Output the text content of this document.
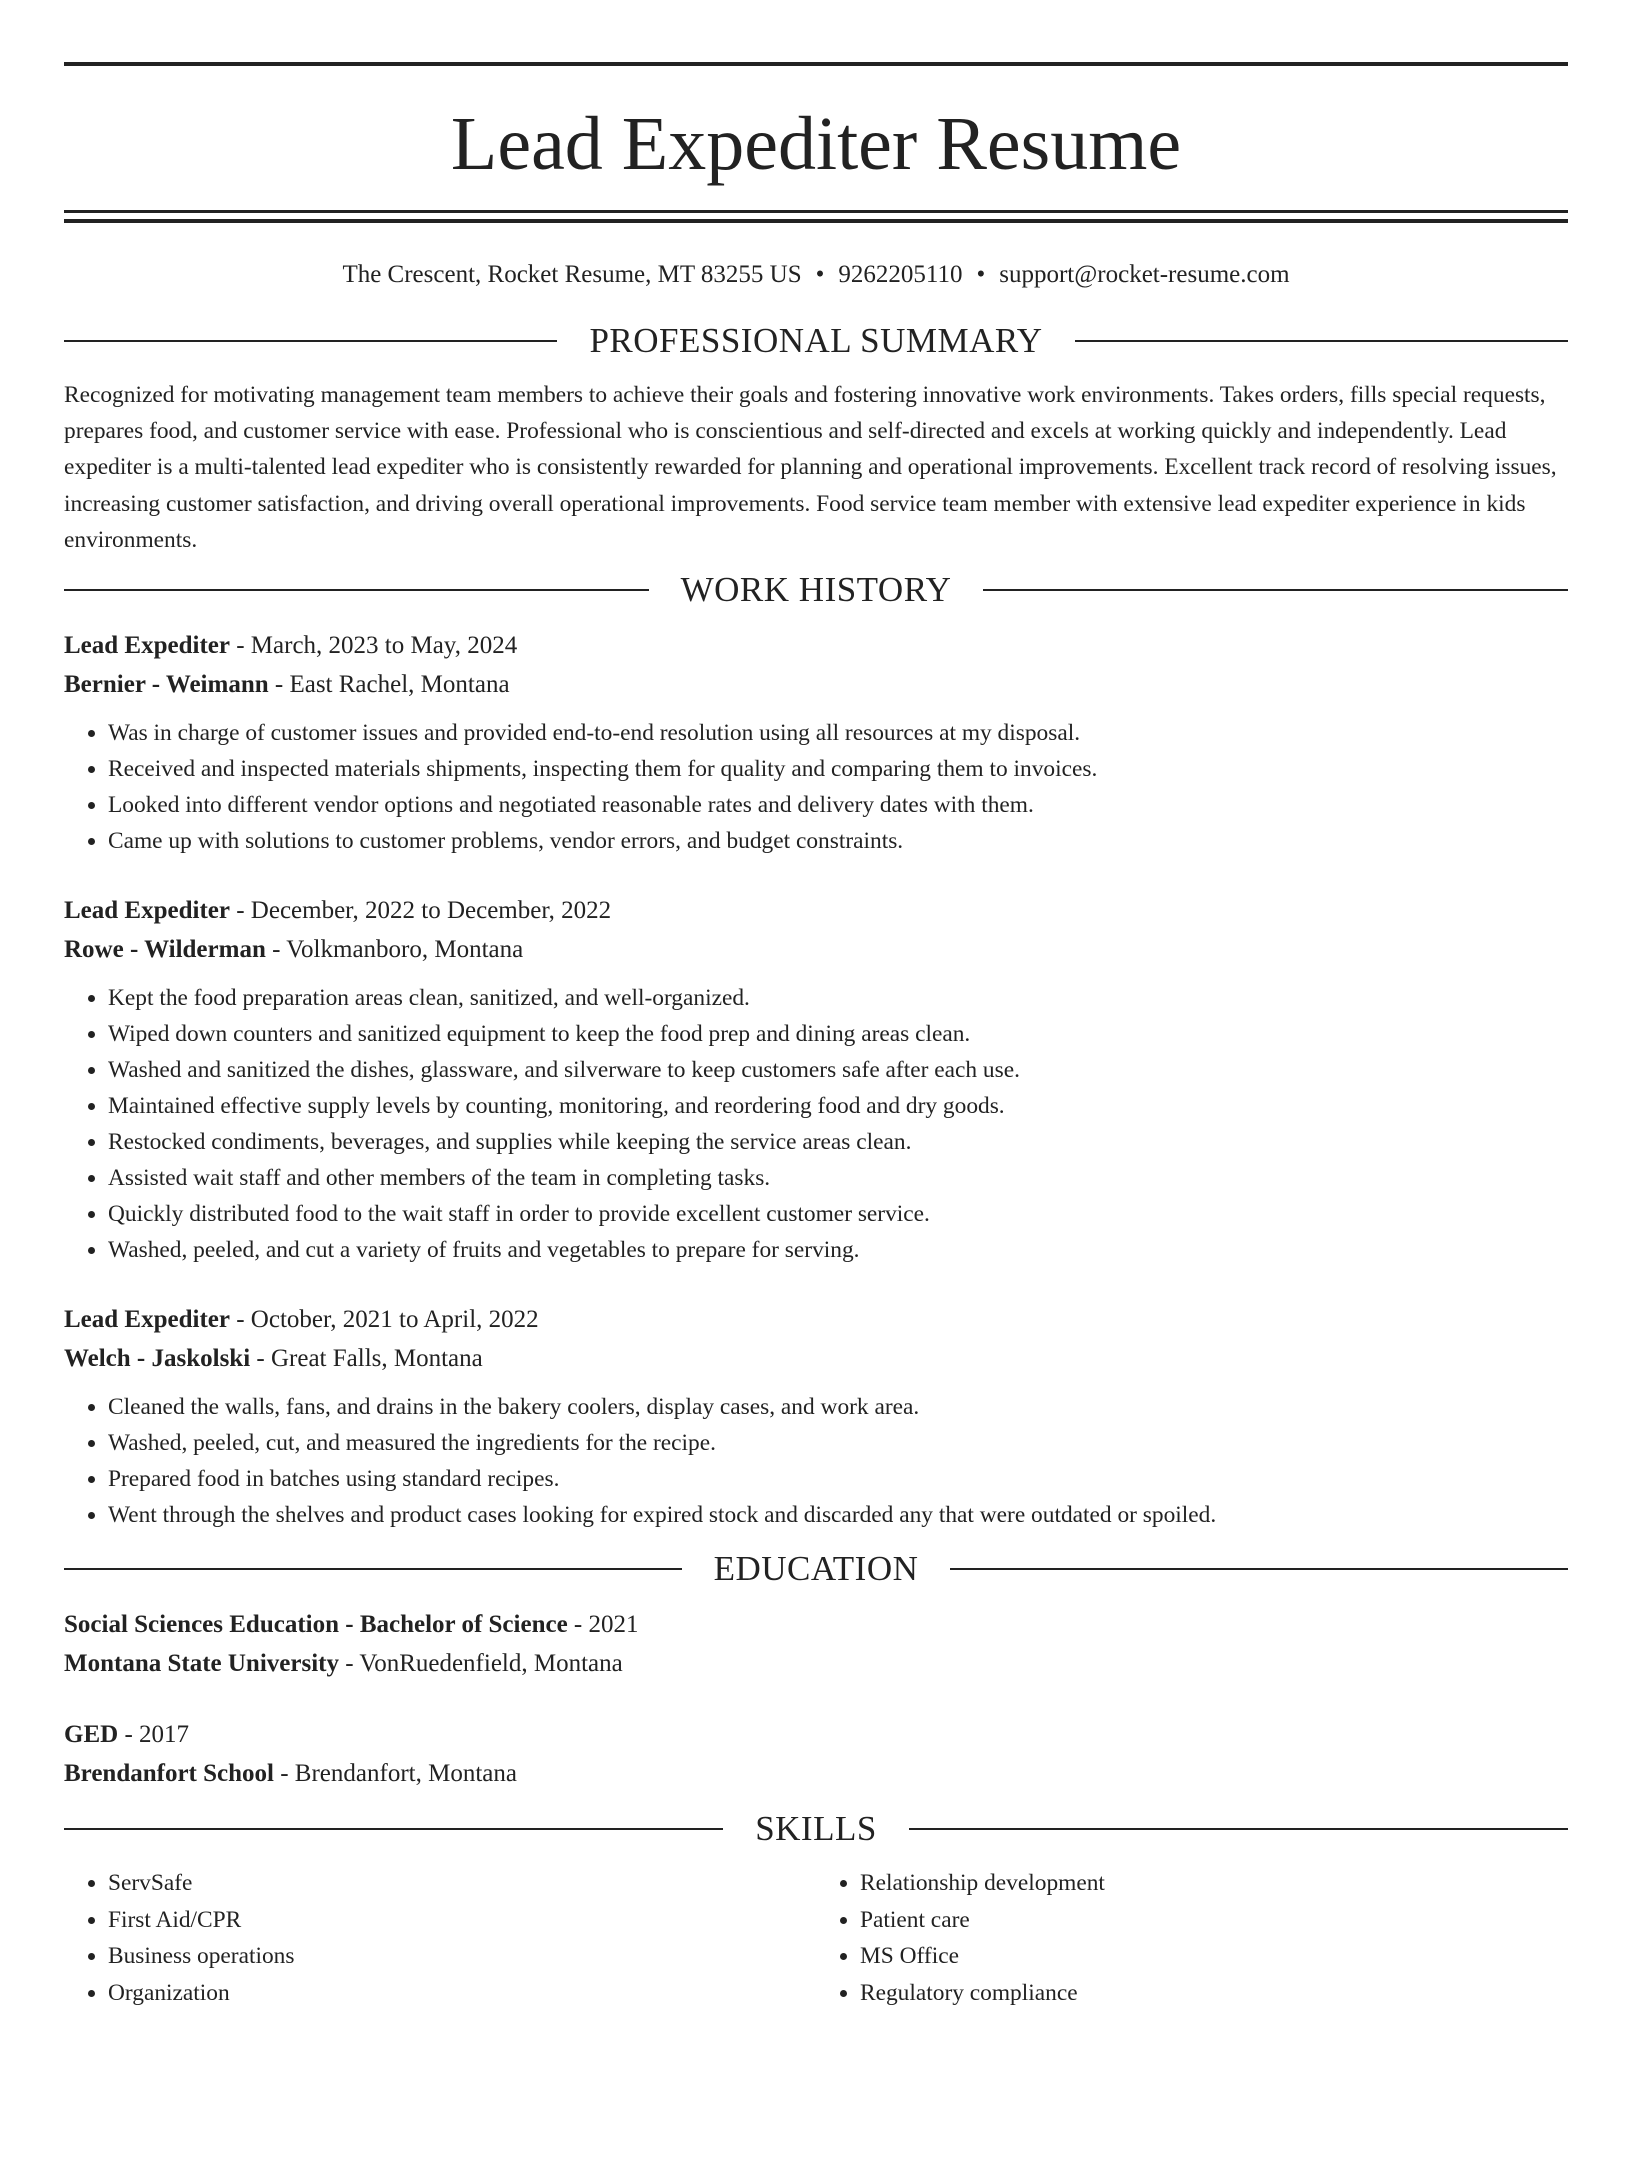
Lead Expediter Resume
The Crescent, Rocket Resume, MT 83255 US • 9262205110 • support@rocket-resume.com
PROFESSIONAL SUMMARY

Recognized for motivating management team members to achieve their goals and fostering innovative work environments. Takes orders, fills special requests, prepares food, and customer service with ease. Professional who is conscientious and self-directed and excels at working quickly and independently. Lead expediter is a multi-talented lead expediter who is consistently rewarded for planning and operational improvements. Excellent track record of resolving issues, increasing customer satisfaction, and driving overall operational improvements. Food service team member with extensive lead expediter experience in kids environments.

WORK HISTORY
Lead Expediter - March, 2023 to May, 2024
Bernier - Weimann - East Rachel, Montana
• Was in charge of customer issues and provided end-to-end resolution using all resources at my disposal.
• Received and inspected materials shipments, inspecting them for quality and comparing them to invoices.
• Looked into different vendor options and negotiated reasonable rates and delivery dates with them.
• Came up with solutions to customer problems, vendor errors, and budget constraints.
Lead Expediter - December, 2022 to December, 2022
Rowe - Wilderman - Volkmanboro, Montana
• Kept the food preparation areas clean, sanitized, and well-organized.
• Wiped down counters and sanitized equipment to keep the food prep and dining areas clean.
• Washed and sanitized the dishes, glassware, and silverware to keep customers safe after each use.
• Maintained effective supply levels by counting, monitoring, and reordering food and dry goods.
• Restocked condiments, beverages, and supplies while keeping the service areas clean.
• Assisted wait staff and other members of the team in completing tasks.
• Quickly distributed food to the wait staff in order to provide excellent customer service.
• Washed, peeled, and cut a variety of fruits and vegetables to prepare for serving.
Lead Expediter - October, 2021 to April, 2022
Welch - Jaskolski - Great Falls, Montana
• Cleaned the walls, fans, and drains in the bakery coolers, display cases, and work area.
• Washed, peeled, cut, and measured the ingredients for the recipe.
• Prepared food in batches using standard recipes.
• Went through the shelves and product cases looking for expired stock and discarded any that were outdated or spoiled.
EDUCATION
Social Sciences Education - Bachelor of Science - 2021
Montana State University - VonRuedenfield, Montana
GED - 2017
Brendanfort School - Brendanfort, Montana
SKILLS
• ServSafe
• First Aid/CPR
• Business operations
• Organization
• Relationship development
• Patient care
• MS Office
• Regulatory compliance
